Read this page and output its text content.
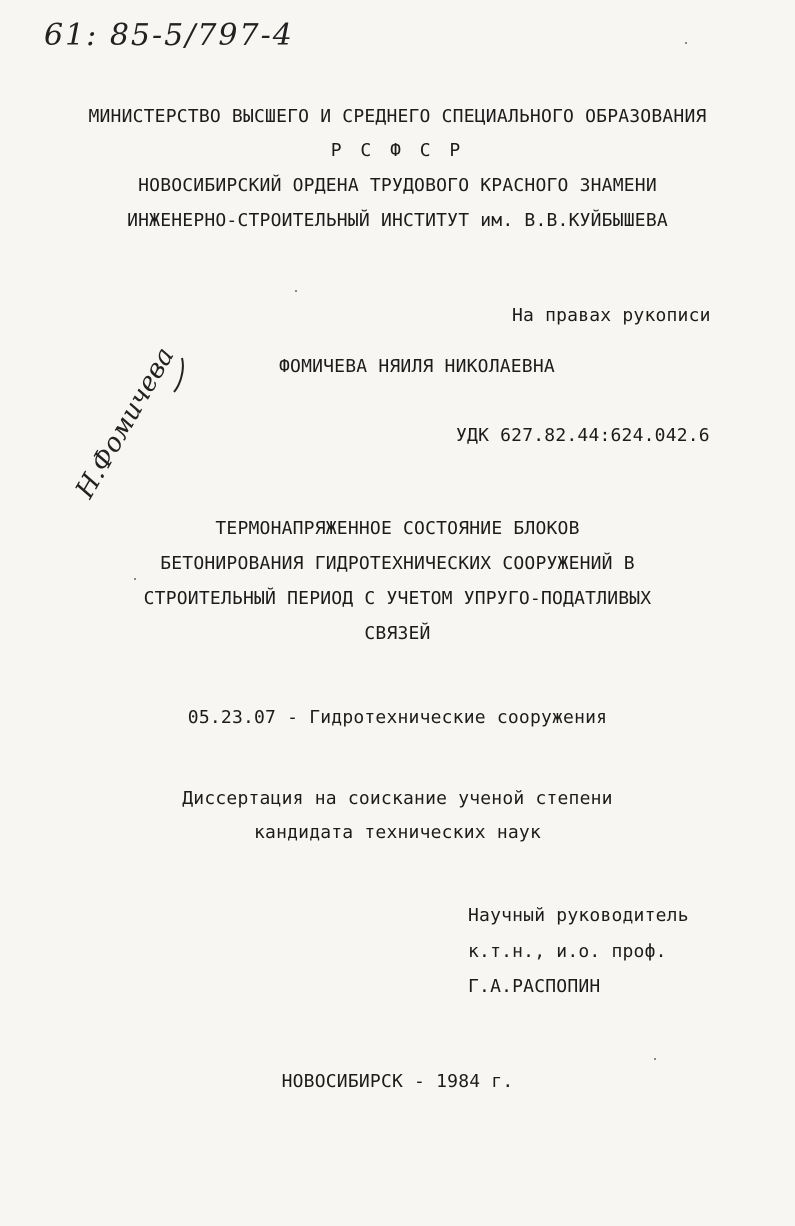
61: 85-5/797-4
МИНИСТЕРСТВО ВЫСШЕГО И СРЕДНЕГО СПЕЦИАЛЬНОГО ОБРАЗОВАНИЯ
Р С Ф С Р
НОВОСИБИРСКИЙ ОРДЕНА ТРУДОВОГО КРАСНОГО ЗНАМЕНИ
ИНЖЕНЕРНО-СТРОИТЕЛЬНЫЙ ИНСТИТУТ им. В.В.КУЙБЫШЕВА
На правах рукописи
ФОМИЧЕВА НЯИЛЯ НИКОЛАЕВНА
УДК 627.82.44:624.042.6
Н.Фомичева
ТЕРМОНАПРЯЖЕННОЕ СОСТОЯНИЕ БЛОКОВ
БЕТОНИРОВАНИЯ ГИДРОТЕХНИЧЕСКИХ СООРУЖЕНИЙ В
СТРОИТЕЛЬНЫЙ ПЕРИОД С УЧЕТОМ УПРУГО-ПОДАТЛИВЫХ
СВЯЗЕЙ
05.23.07 - Гидротехнические сооружения
Диссертация на соискание ученой степени
кандидата технических наук
Научный руководитель
к.т.н., и.о. проф.
Г.А.РАСПОПИН
НОВОСИБИРСК - 1984 г.
